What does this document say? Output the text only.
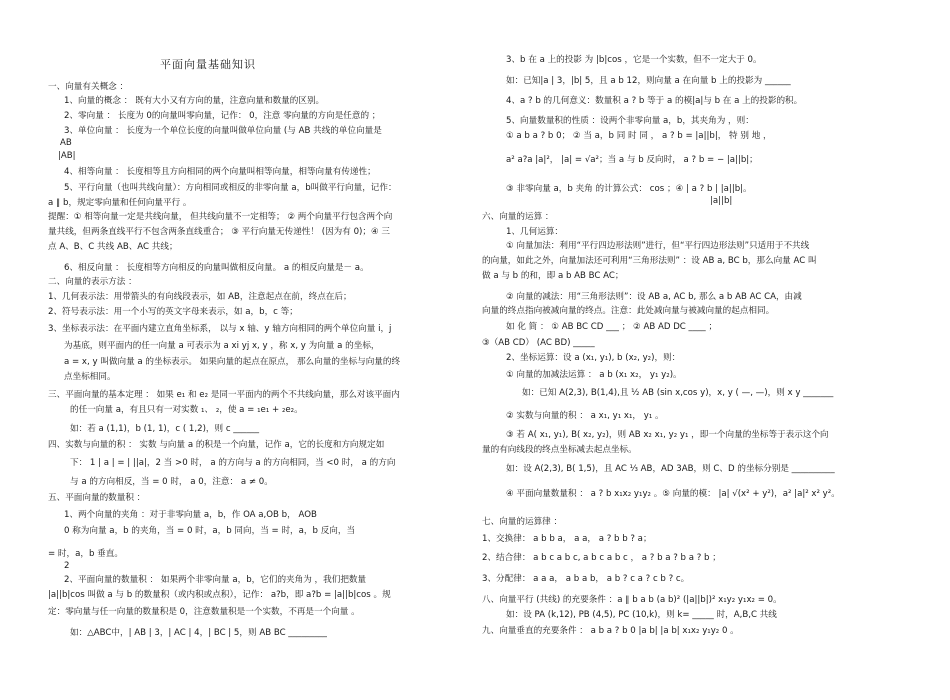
平面向量基础知识
一、向量有关概念 ：
1、向量的概念 ： 既有大小又有方向的量，注意向量和数量的区别。
2、零向量 ： 长度为 0的向量叫零向量，记作： 0，注意 零向量的方向是任意的 ；
3、单位向量 ： 长度为一个单位长度的向量叫做单位向量 (与 AB 共线的单位向量是
AB
|AB|
4、相等向量 ： 长度相等且方向相同的两个向量叫相等向量，相等向量有传递性；
5、平行向量（也叫共线向量）：方向相同或相反的非零向量 a，b叫做平行向量，记作：
a ∥ b，规定零向量和任何向量平行 。
提醒：① 相等向量一定是共线向量， 但共线向量不一定相等； ② 两个向量平行包含两个向
量共线，但两条直线平行不包含两条直线重合； ③ 平行向量无传递性！ (因为有 0)；④ 三
点 A、B、C 共线 AB、AC 共线；
6、相反向量 ： 长度相等方向相反的向量叫做相反向量。 a 的相反向量是－ a。
二、向量的表示方法 ：
1、几何表示法：用带箭头的有向线段表示，如 AB，注意起点在前，终点在后；
2、符号表示法：用一个小写的英文字母来表示，如 a，b，c 等；
3、坐标表示法：在平面内建立直角坐标系， 以与 x 轴、y 轴方向相同的两个单位向量 i，j
为基底，则平面内的任一向量 a 可表示为 a xi yj x, y ，称 x, y 为向量 a 的坐标，
a = x, y 叫做向量 a 的坐标表示。 如果向量的起点在原点， 那么向量的坐标与向量的终
点坐标相同。
三、平面向量的基本定理 ： 如果 e₁ 和 e₂ 是同一平面内的两个不共线向量，那么对该平面内
的任一向量 a，有且只有一对实数 ₁、 ₂，使 a = ₁e₁ + ₂e₂。
如：若 a (1,1)，b (1, 1)，c ( 1,2)，则 c ______
四、实数与向量的积 ： 实数 与向量 a 的积是一个向量，记作 a，它的长度和方向规定如
下： 1 | a | = | ||a|，2 当 >0 时， a 的方向与 a 的方向相同，当 <0 时， a 的方向
与 a 的方向相反，当 = 0 时， a 0，注意： a ≠ 0。
五、平面向量的数量积 ：
1、两个向量的夹角 ：对于非零向量 a，b，作 OA a,OB b， AOB
0 称为向量 a，b 的夹角，当 = 0 时，a，b 同向，当 = 时，a，b 反向，当
= 时，a，b 垂直。
2
2、平面向量的数量积 ： 如果两个非零向量 a，b，它们的夹角为 ，我们把数量
|a||b|cos 叫做 a 与 b 的数量积（或内积或点积），记作： a?b，即 a?b = |a||b|cos 。规
定：零向量与任一向量的数量积是 0，注意数量积是一个实数，不再是一个向量 。
如：△ABC中，| AB | 3，| AC | 4，| BC | 5，则 AB BC _________
3、b 在 a 上的投影 为 |b|cos ，它是一个实数，但不一定大于 0。
如：已知|a | 3，|b| 5，且 a b 12，则向量 a 在向量 b 上的投影为 ______
4、a ? b 的几何意义：数量积 a ? b 等于 a 的模|a|与 b 在 a 上的投影的积。
5、向量数量积的性质 ：设两个非零向量 a，b，其夹角为 ，则：
① a b a ? b 0； ② 当 a，b 同 时 同 ， a ? b = |a||b|， 特 别 地 ，
a² a?a |a|²， |a| = √a²；当 a 与 b 反向时， a ? b = − |a||b|；
③ 非零向量 a，b 夹角 的计算公式： cos ；④ | a ? b | |a||b|。
|a||b|
六、向量的运算 ：
1、几何运算：
① 向量加法：利用“平行四边形法则”进行，但“平行四边形法则”只适用于不共线
的向量，如此之外，向量加法还可利用“三角形法则” ：设 AB a, BC b，那么向量 AC 叫
做 a 与 b 的和，即 a b AB BC AC；
② 向量的减法：用“三角形法则”：设 AB a, AC b, 那么 a b AB AC CA，由减
向量的终点指向被减向量的终点。注意：此处减向量与被减向量的起点相同。
如 化 简 ： ① AB BC CD ___ ； ② AB AD DC ____ ；
③（AB CD） (AC BD) _____
2、坐标运算：设 a (x₁, y₁), b (x₂, y₂)，则：
① 向量的加减法运算 ： a b (x₁ x₂， y₁ y₂)。
如：已知 A(2,3), B(1,4),且 ½ AB (sin x,cos y)，x, y ( —, —)，则 x y _______
② 实数与向量的积 ： a x₁, y₁ x₁， y₁ 。
③ 若 A( x₁, y₁), B( x₂, y₂)，则 AB x₂ x₁, y₂ y₁ ，即一个向量的坐标等于表示这个向
量的有向线段的终点坐标减去起点坐标。
如：设 A(2,3), B( 1,5)，且 AC ⅓ AB，AD 3AB，则 C、D 的坐标分别是 __________
④ 平面向量数量积 ： a ? b x₁x₂ y₁y₂ 。⑤ 向量的模： |a| √(x² + y²)，a² |a|² x² y²。
七、向量的运算律 ：
1、交换律： a b b a， a a， a ? b b ? a；
2、结合律： a b c a b c, a b c a b c ， a ? b a ? b a ? b ；
3、分配律： a a a， a b a b， a b ? c a ? c b ? c。
八、向量平行 (共线) 的充要条件 ：a ∥ b a b (a b)² (|a||b|)² x₁y₂ y₁x₂ = 0。
如：设 PA (k,12), PB (4,5), PC (10,k)，则 k= _____ 时，A,B,C 共线
九、向量垂直的充要条件 ： a b a ? b 0 |a b| |a b| x₁x₂ y₁y₂ 0 。
